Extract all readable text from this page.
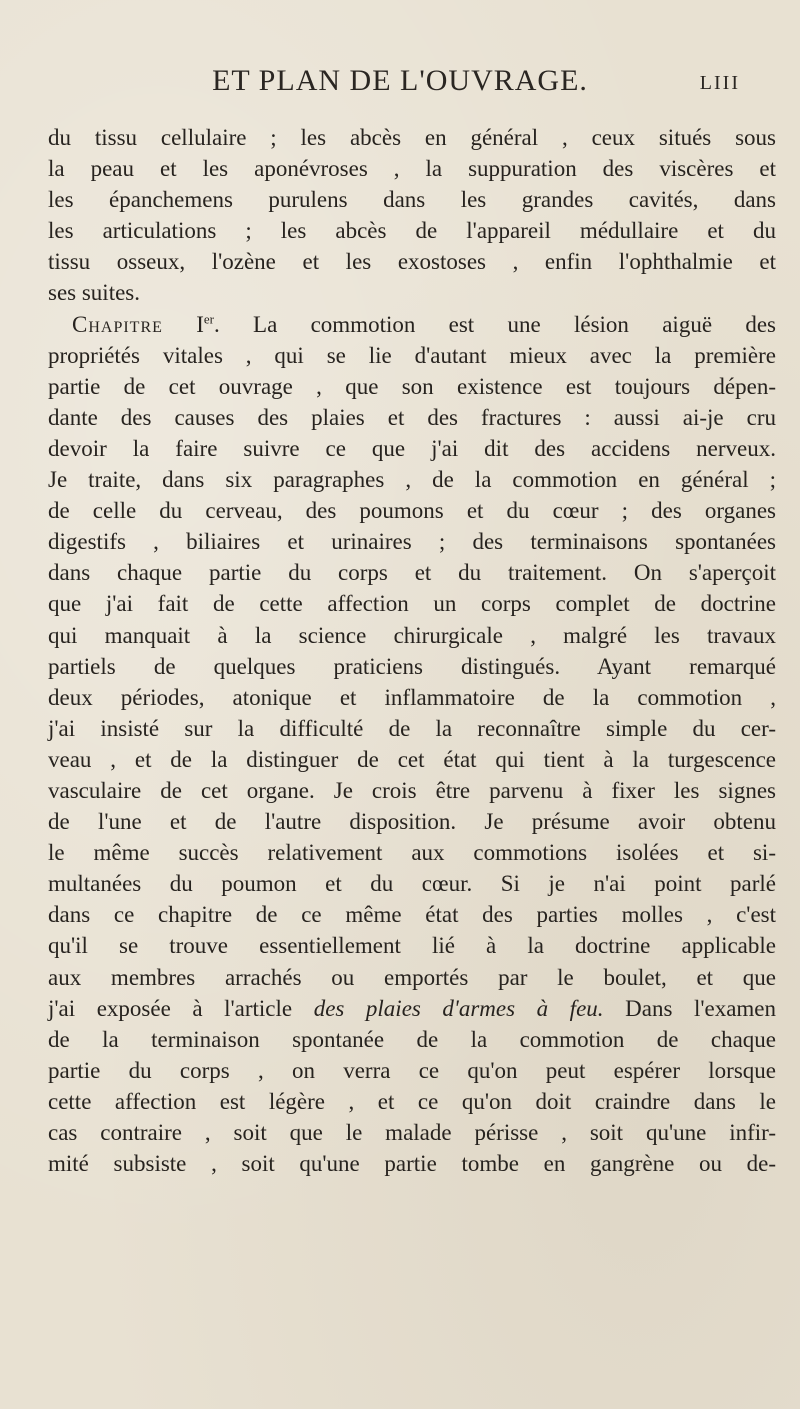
ET PLAN DE L'OUVRAGE.	LIII
du tissu cellulaire ; les abcès en général , ceux situés sous
la peau et les aponévroses , la suppuration des viscères et
les épanchemens purulens dans les grandes cavités, dans
les articulations ; les abcès de l'appareil médullaire et du
tissu osseux, l'ozène et les exostoses , enfin l'ophthalmie et
ses suites.
Chapitre Ier. La commotion est une lésion aiguë des
propriétés vitales , qui se lie d'autant mieux avec la première
partie de cet ouvrage , que son existence est toujours dépen-
dante des causes des plaies et des fractures : aussi ai-je cru
devoir la faire suivre ce que j'ai dit des accidens nerveux.
Je traite, dans six paragraphes , de la commotion en général ;
de celle du cerveau, des poumons et du cœur ; des organes
digestifs , biliaires et urinaires ; des terminaisons spontanées
dans chaque partie du corps et du traitement. On s'aperçoit
que j'ai fait de cette affection un corps complet de doctrine
qui manquait à la science chirurgicale , malgré les travaux
partiels de quelques praticiens distingués. Ayant remarqué
deux périodes, atonique et inflammatoire de la commotion ,
j'ai insisté sur la difficulté de la reconnaître simple du cer-
veau , et de la distinguer de cet état qui tient à la turgescence
vasculaire de cet organe. Je crois être parvenu à fixer les signes
de l'une et de l'autre disposition. Je présume avoir obtenu
le même succès relativement aux commotions isolées et si-
multanées du poumon et du cœur. Si je n'ai point parlé
dans ce chapitre de ce même état des parties molles , c'est
qu'il se trouve essentiellement lié à la doctrine applicable
aux membres arrachés ou emportés par le boulet, et que
j'ai exposée à l'article des plaies d'armes à feu. Dans l'examen
de la terminaison spontanée de la commotion de chaque
partie du corps , on verra ce qu'on peut espérer lorsque
cette affection est légère , et ce qu'on doit craindre dans le
cas contraire , soit que le malade périsse , soit qu'une infir-
mité subsiste , soit qu'une partie tombe en gangrène ou de-
